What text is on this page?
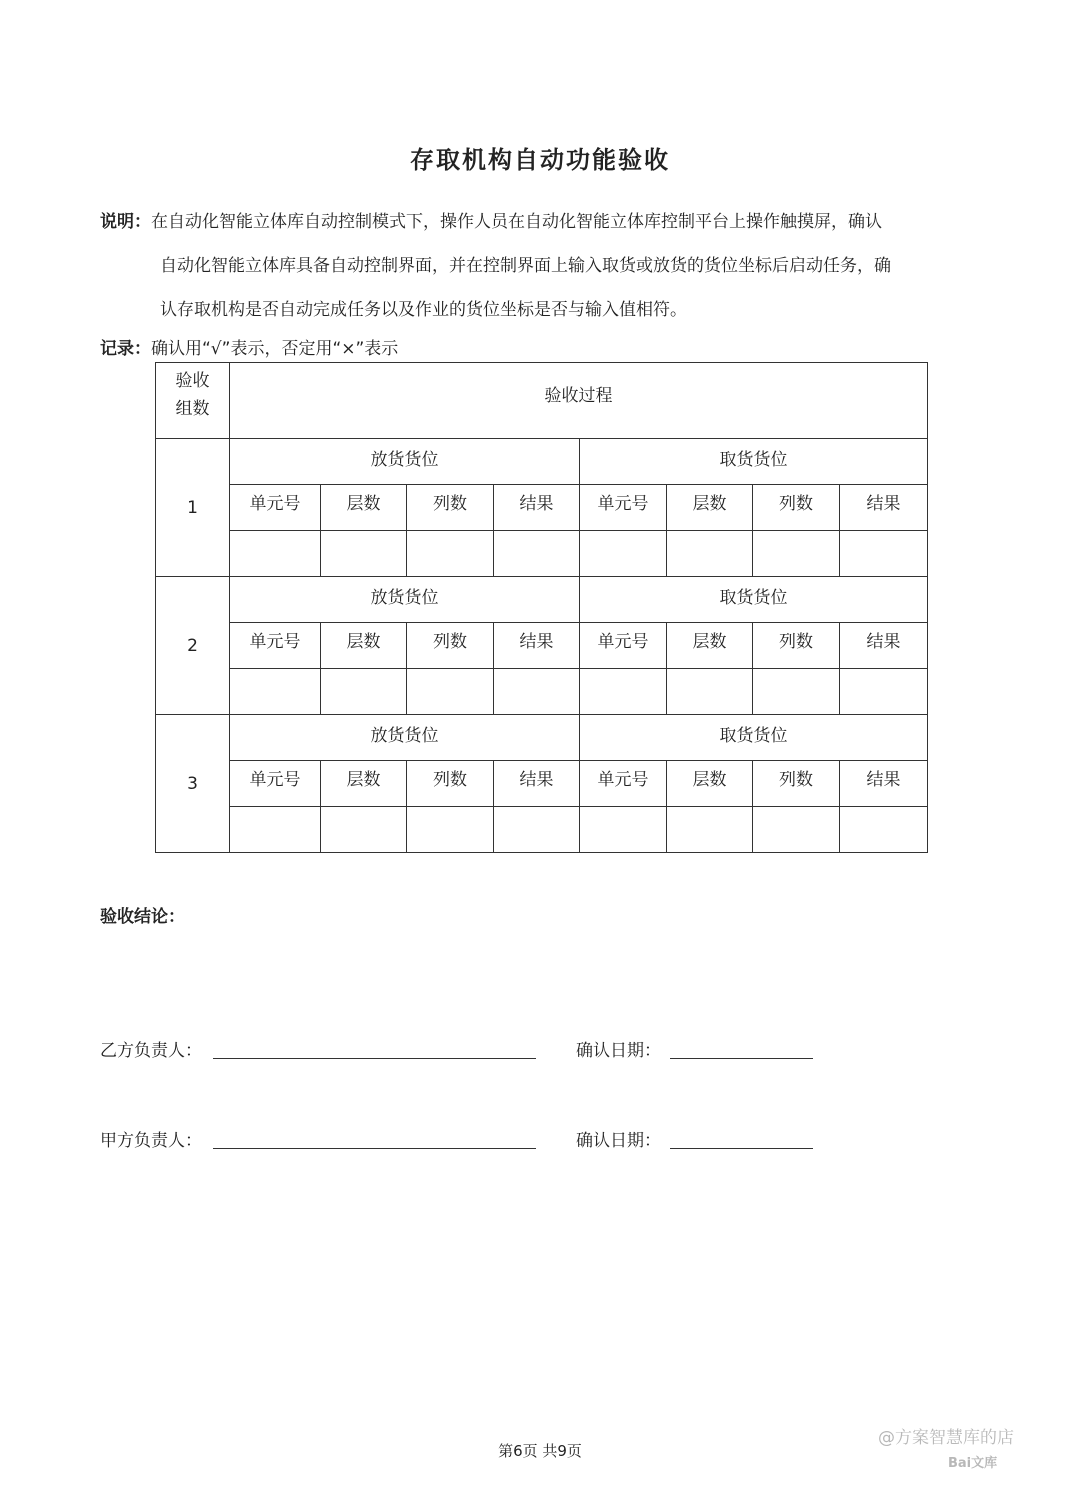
存取机构自动功能验收
说明： 在自动化智能立体库自动控制模式下，操作人员在自动化智能立体库控制平台上操作触摸屏，确认
自动化智能立体库具备自动控制界面，并在控制界面上输入取货或放货的货位坐标后启动任务，确
认存取机构是否自动完成任务以及作业的货位坐标是否与输入值相符。
记录：确认用“√”表示，否定用“×”表示
验收
组数	验收过程							
1	放货货位				取货货位			
	单元号	层数	列数	结果	单元号	层数	列数	结果

2	放货货位				取货货位			
	单元号	层数	列数	结果	单元号	层数	列数	结果

3	放货货位				取货货位			
	单元号	层数	列数	结果	单元号	层数	列数	结果

验收结论：
乙方负责人：	确认日期：
甲方负责人：	确认日期：
第6页 共9页
@方案智慧库的店
Bai文库
